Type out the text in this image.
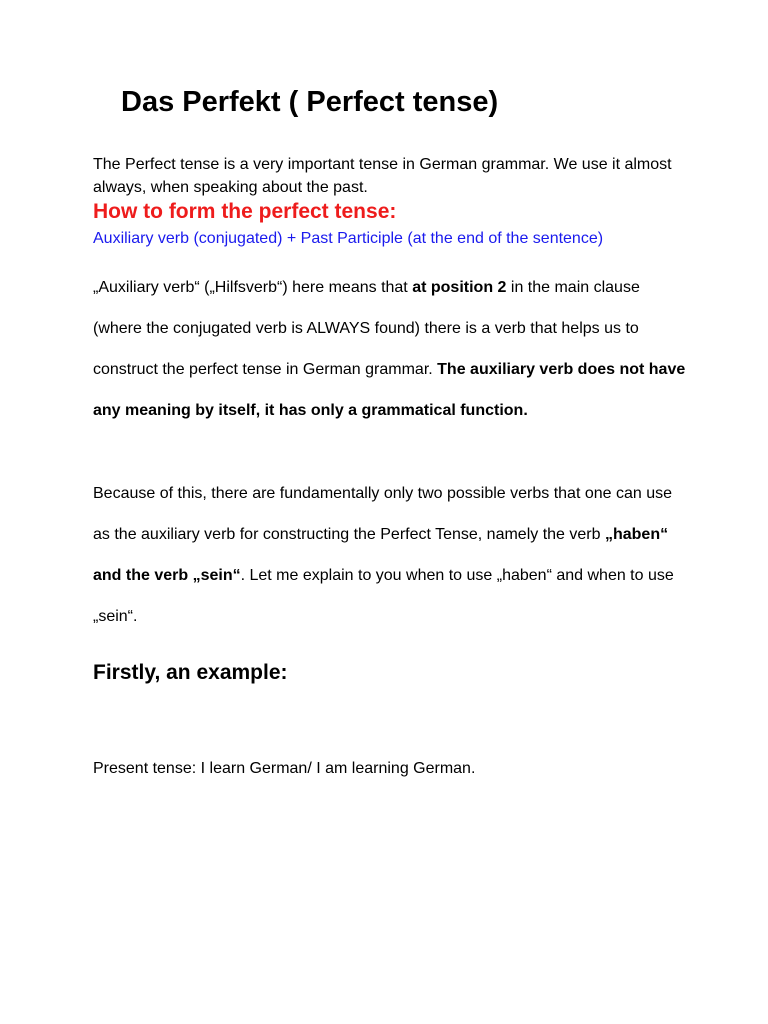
Das Perfekt ( Perfect tense)

The Perfect tense is a very important tense in German grammar. We use it almost always, when speaking about the past.

How to form the perfect tense:

Auxiliary verb (conjugated) + Past Participle (at the end of the sentence)

„Auxiliary verb“ („Hilfsverb“) here means that at position 2 in the main clause (where the conjugated verb is ALWAYS found) there is a verb that helps us to construct the perfect tense in German grammar. The auxiliary verb does not have any meaning by itself, it has only a grammatical function.

Because of this, there are fundamentally only two possible verbs that one can use as the auxiliary verb for constructing the Perfect Tense, namely the verb „haben“ and the verb „sein“. Let me explain to you when to use „haben“ and when to use „sein“.

Firstly, an example:

Present tense: I learn German/ I am learning German.
